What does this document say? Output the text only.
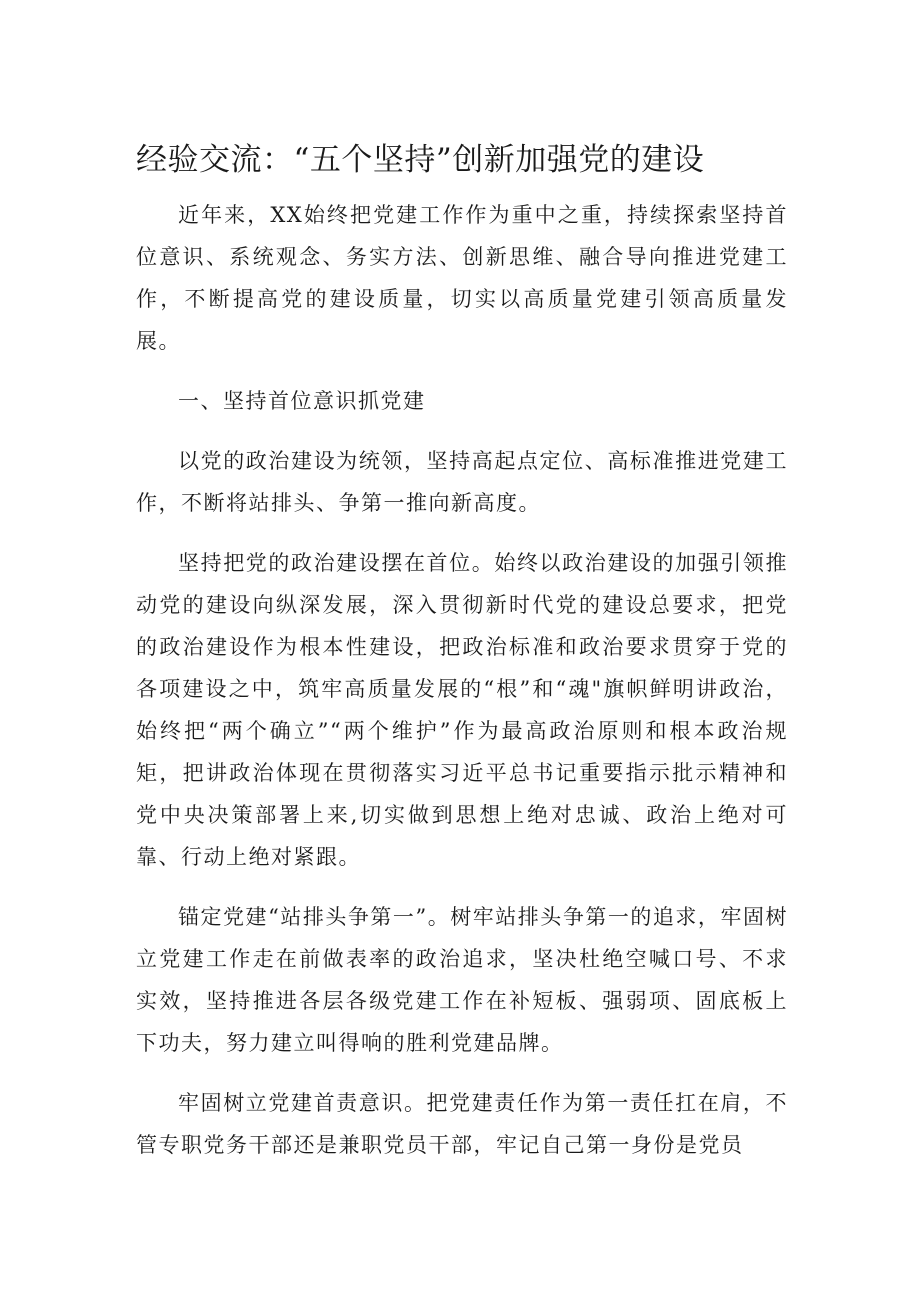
经验交流：“五个坚持”创新加强党的建设

近年来，XX始终把党建工作作为重中之重，持续探索坚持首位意识、系统观念、务实方法、创新思维、融合导向推进党建工作，不断提高党的建设质量，切实以高质量党建引领高质量发展。

一、坚持首位意识抓党建

以党的政治建设为统领，坚持高起点定位、高标准推进党建工作，不断将站排头、争第一推向新高度。

坚持把党的政治建设摆在首位。始终以政治建设的加强引领推动党的建设向纵深发展，深入贯彻新时代党的建设总要求，把党的政治建设作为根本性建设，把政治标准和政治要求贯穿于党的各项建设之中，筑牢高质量发展的“根”和“魂"旗帜鲜明讲政治，始终把“两个确立”“两个维护”作为最高政治原则和根本政治规矩，把讲政治体现在贯彻落实习近平总书记重要指示批示精神和党中央决策部署上来,切实做到思想上绝对忠诚、政治上绝对可靠、行动上绝对紧跟。

锚定党建“站排头争第一”。树牢站排头争第一的追求，牢固树立党建工作走在前做表率的政治追求，坚决杜绝空喊口号、不求实效，坚持推进各层各级党建工作在补短板、强弱项、固底板上下功夫，努力建立叫得响的胜利党建品牌。

牢固树立党建首责意识。把党建责任作为第一责任扛在肩，不管专职党务干部还是兼职党员干部，牢记自己第一身份是党员
